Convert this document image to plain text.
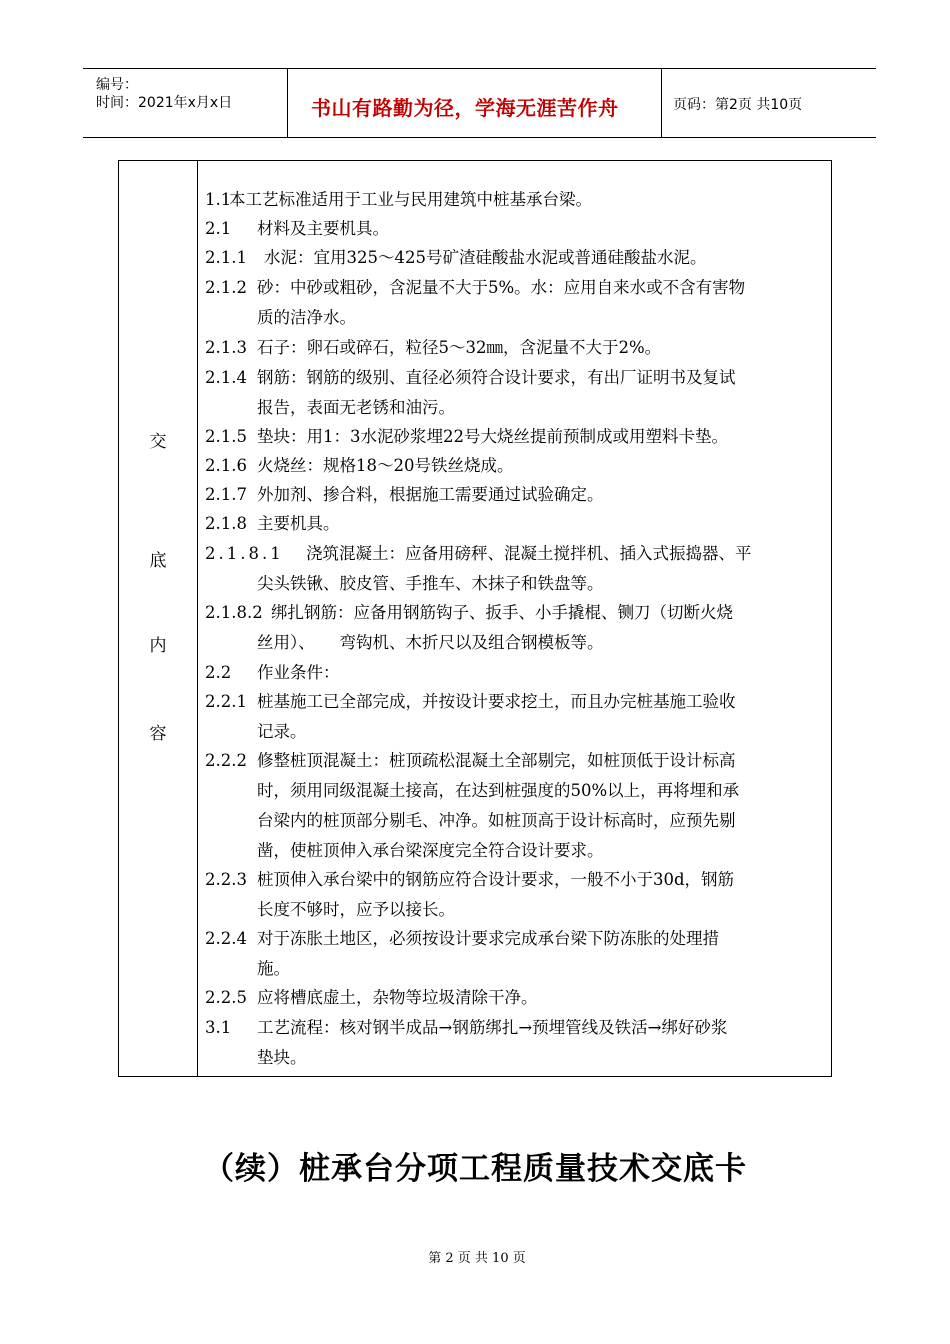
编号：
时间：2021年x月x日	书山有路勤为径，学海无涯苦作舟	页码：第2页 共10页
交
底
内
容
1.1
本工艺标准适用于工业与民用建筑中桩基承台梁。
2.1 材料及主要机具。
2.1.1 水泥：宜用325～425号矿渣硅酸盐水泥或普通硅酸盐水泥。
2.1.2 砂：中砂或粗砂，含泥量不大于5%。水：应用自来水或不含有害物
质的洁净水。
2.1.3 石子：卵石或碎石，粒径5～32㎜，含泥量不大于2%。
2.1.4 钢筋：钢筋的级别、直径必须符合设计要求，有出厂证明书及复试
报告，表面无老锈和油污。
2.1.5 垫块：用1：3水泥砂浆埋22号大烧丝提前预制成或用塑料卡垫。
2.1.6 火烧丝：规格18～20号铁丝烧成。
2.1.7 外加剂、掺合料，根据施工需要通过试验确定。
2.1.8 主要机具。
2.1.8.1 浇筑混凝土：应备用磅秤、混凝土搅拌机、插入式振捣器、平
尖头铁锹、胶皮管、手推车、木抹子和铁盘等。
2.1.8.2 绑扎钢筋：应备用钢筋钩子、扳手、小手撬棍、铡刀（切断火烧
丝用）、　　弯钩机、木折尺以及组合钢模板等。
2.2 作业条件：
2.2.1 桩基施工已全部完成，并按设计要求挖土，而且办完桩基施工验收
记录。
2.2.2 修整桩顶混凝土：桩顶疏松混凝土全部剔完，如桩顶低于设计标高
时，须用同级混凝土接高，在达到桩强度的50%以上，再将埋和承
台梁内的桩顶部分剔毛、冲净。如桩顶高于设计标高时，应预先剔
凿，使桩顶伸入承台梁深度完全符合设计要求。
2.2.3 桩顶伸入承台梁中的钢筋应符合设计要求，一般不小于30d，钢筋
长度不够时，应予以接长。
2.2.4 对于冻胀土地区，必须按设计要求完成承台梁下防冻胀的处理措
施。
2.2.5 应将槽底虚土，杂物等垃圾清除干净。
3.1 工艺流程：核对钢半成品→钢筋绑扎→预埋管线及铁活→绑好砂浆
垫块。
（续）桩承台分项工程质量技术交底卡
第 2 页 共 10 页
